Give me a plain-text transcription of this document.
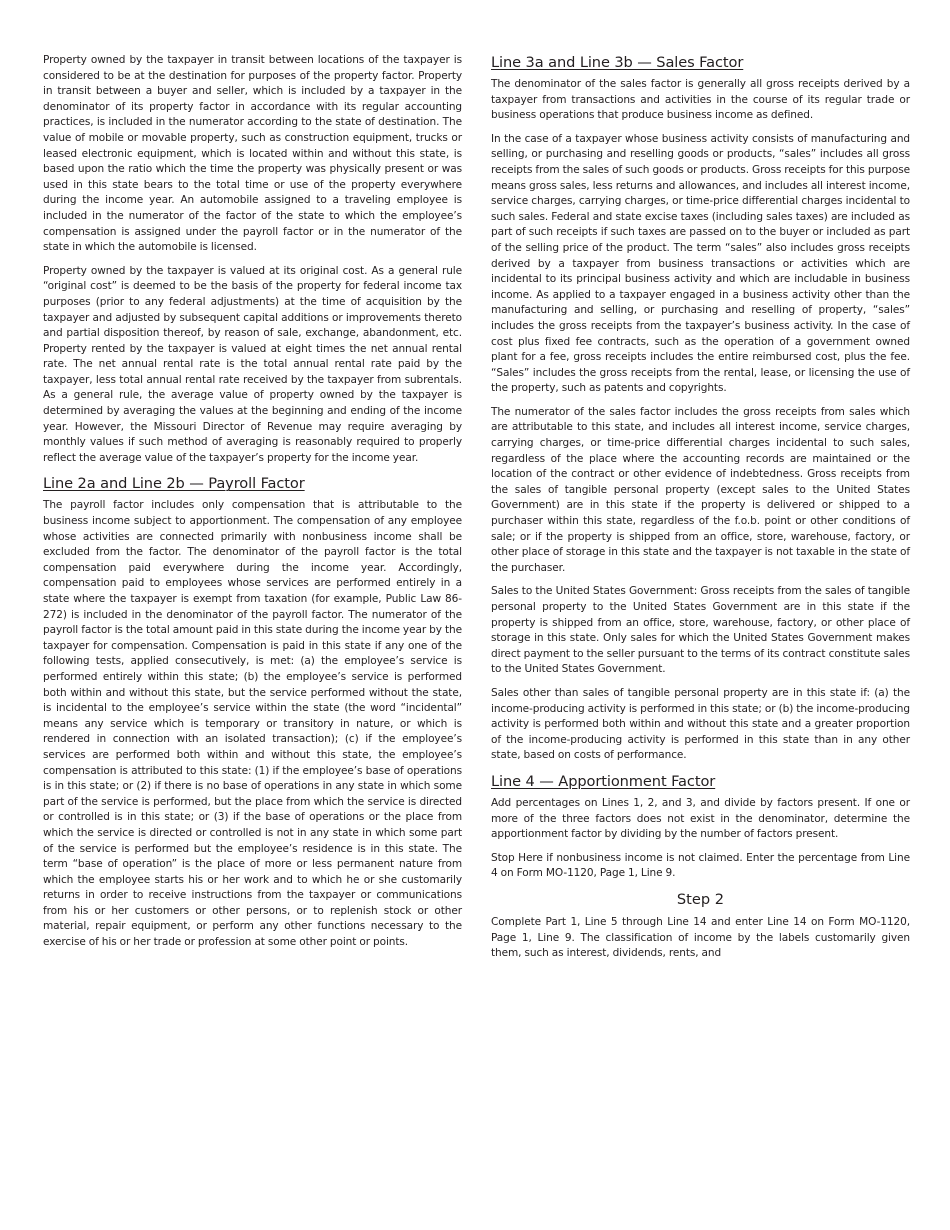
Property owned by the taxpayer in transit between locations of the taxpayer is considered to be at the destination for purposes of the property factor. Property in transit between a buyer and seller, which is included by a taxpayer in the denominator of its property factor in accordance with its regular accounting practices, is included in the numerator according to the state of destination. The value of mobile or movable property, such as construction equipment, trucks or leased electronic equipment, which is located within and without this state, is based upon the ratio which the time the property was physically present or was used in this state bears to the total time or use of the property everywhere during the income year. An automobile assigned to a traveling employee is included in the numerator of the factor of the state to which the employee’s compensation is assigned under the payroll factor or in the numerator of the state in which the automobile is licensed.

Property owned by the taxpayer is valued at its original cost. As a general rule “original cost” is deemed to be the basis of the property for federal income tax purposes (prior to any federal adjustments) at the time of acquisition by the taxpayer and adjusted by subsequent capital additions or improvements thereto and partial disposition thereof, by reason of sale, exchange, abandonment, etc. Property rented by the taxpayer is valued at eight times the net annual rental rate. The net annual rental rate is the total annual rental rate paid by the taxpayer, less total annual rental rate received by the taxpayer from subrentals. As a general rule, the average value of property owned by the taxpayer is determined by averaging the values at the beginning and ending of the income year. However, the Missouri Director of Revenue may require averaging by monthly values if such method of averaging is reasonably required to properly reflect the average value of the taxpayer’s property for the income year.

Line 2a and Line 2b — Payroll Factor

The payroll factor includes only compensation that is attributable to the business income subject to apportionment. The compensation of any employee whose activities are connected primarily with nonbusiness income shall be excluded from the factor. The denominator of the payroll factor is the total compensation paid everywhere during the income year. Accordingly, compensation paid to employees whose services are performed entirely in a state where the taxpayer is exempt from taxation (for example, Public Law 86-272) is included in the denominator of the payroll factor. The numerator of the payroll factor is the total amount paid in this state during the income year by the taxpayer for compensation. Compensation is paid in this state if any one of the following tests, applied consecutively, is met: (a) the employee’s service is performed entirely within this state; (b) the employee’s service is performed both within and without this state, but the service performed without the state, is incidental to the employee’s service within the state (the word “incidental” means any service which is temporary or transitory in nature, or which is rendered in connection with an isolated transaction); (c) if the employee’s services are performed both within and without this state, the employee’s compensation is attributed to this state: (1) if the employee’s base of operations is in this state; or (2) if there is no base of operations in any state in which some part of the service is performed, but the place from which the service is directed or controlled is in this state; or (3) if the base of operations or the place from which the service is directed or controlled is not in any state in which some part of the service is performed but the employee’s residence is in this state. The term “base of operation” is the place of more or less permanent nature from which the employee starts his or her work and to which he or she customarily returns in order to receive instructions from the taxpayer or communications from his or her customers or other persons, or to replenish stock or other material, repair equipment, or perform any other functions necessary to the exercise of his or her trade or profession at some other point or points.

Line 3a and Line 3b — Sales Factor

The denominator of the sales factor is generally all gross receipts derived by a taxpayer from transactions and activities in the course of its regular trade or business operations that produce business income as defined.

In the case of a taxpayer whose business activity consists of manufacturing and selling, or purchasing and reselling goods or products, “sales” includes all gross receipts from the sales of such goods or products. Gross receipts for this purpose means gross sales, less returns and allowances, and includes all interest income, service charges, carrying charges, or time-price differential charges incidental to such sales. Federal and state excise taxes (including sales taxes) are included as part of such receipts if such taxes are passed on to the buyer or included as part of the selling price of the product. The term “sales” also includes gross receipts derived by a taxpayer from business transactions or activities which are incidental to its principal business activity and which are includable in business income. As applied to a taxpayer engaged in a business activity other than the manufacturing and selling, or purchasing and reselling of property, “sales” includes the gross receipts from the taxpayer’s business activity. In the case of cost plus fixed fee contracts, such as the operation of a government owned plant for a fee, gross receipts includes the entire reimbursed cost, plus the fee. “Sales” includes the gross receipts from the rental, lease, or licensing the use of the property, such as patents and copyrights.

The numerator of the sales factor includes the gross receipts from sales which are attributable to this state, and includes all interest income, service charges, carrying charges, or time-price differential charges incidental to such sales, regardless of the place where the accounting records are maintained or the location of the contract or other evidence of indebtedness. Gross receipts from the sales of tangible personal property (except sales to the United States Government) are in this state if the property is delivered or shipped to a purchaser within this state, regardless of the f.o.b. point or other conditions of sale; or if the property is shipped from an office, store, warehouse, factory, or other place of storage in this state and the taxpayer is not taxable in the state of the purchaser.

Sales to the United States Government: Gross receipts from the sales of tangible personal property to the United States Government are in this state if the property is shipped from an office, store, warehouse, factory, or other place of storage in this state. Only sales for which the United States Government makes direct payment to the seller pursuant to the terms of its contract constitute sales to the United States Government.

Sales other than sales of tangible personal property are in this state if: (a) the income-producing activity is performed in this state; or (b) the income-producing activity is performed both within and without this state and a greater proportion of the income-producing activity is performed in this state than in any other state, based on costs of performance.

Line 4 — Apportionment Factor

Add percentages on Lines 1, 2, and 3, and divide by factors present. If one or more of the three factors does not exist in the denominator, determine the apportionment factor by dividing by the number of factors present.

Stop Here if nonbusiness income is not claimed. Enter the percentage from Line 4 on Form MO-1120, Page 1, Line 9.

Step 2

Complete Part 1, Line 5 through Line 14 and enter Line 14 on Form MO-1120, Page 1, Line 9. The classification of income by the labels customarily given them, such as interest, dividends, rents, and
